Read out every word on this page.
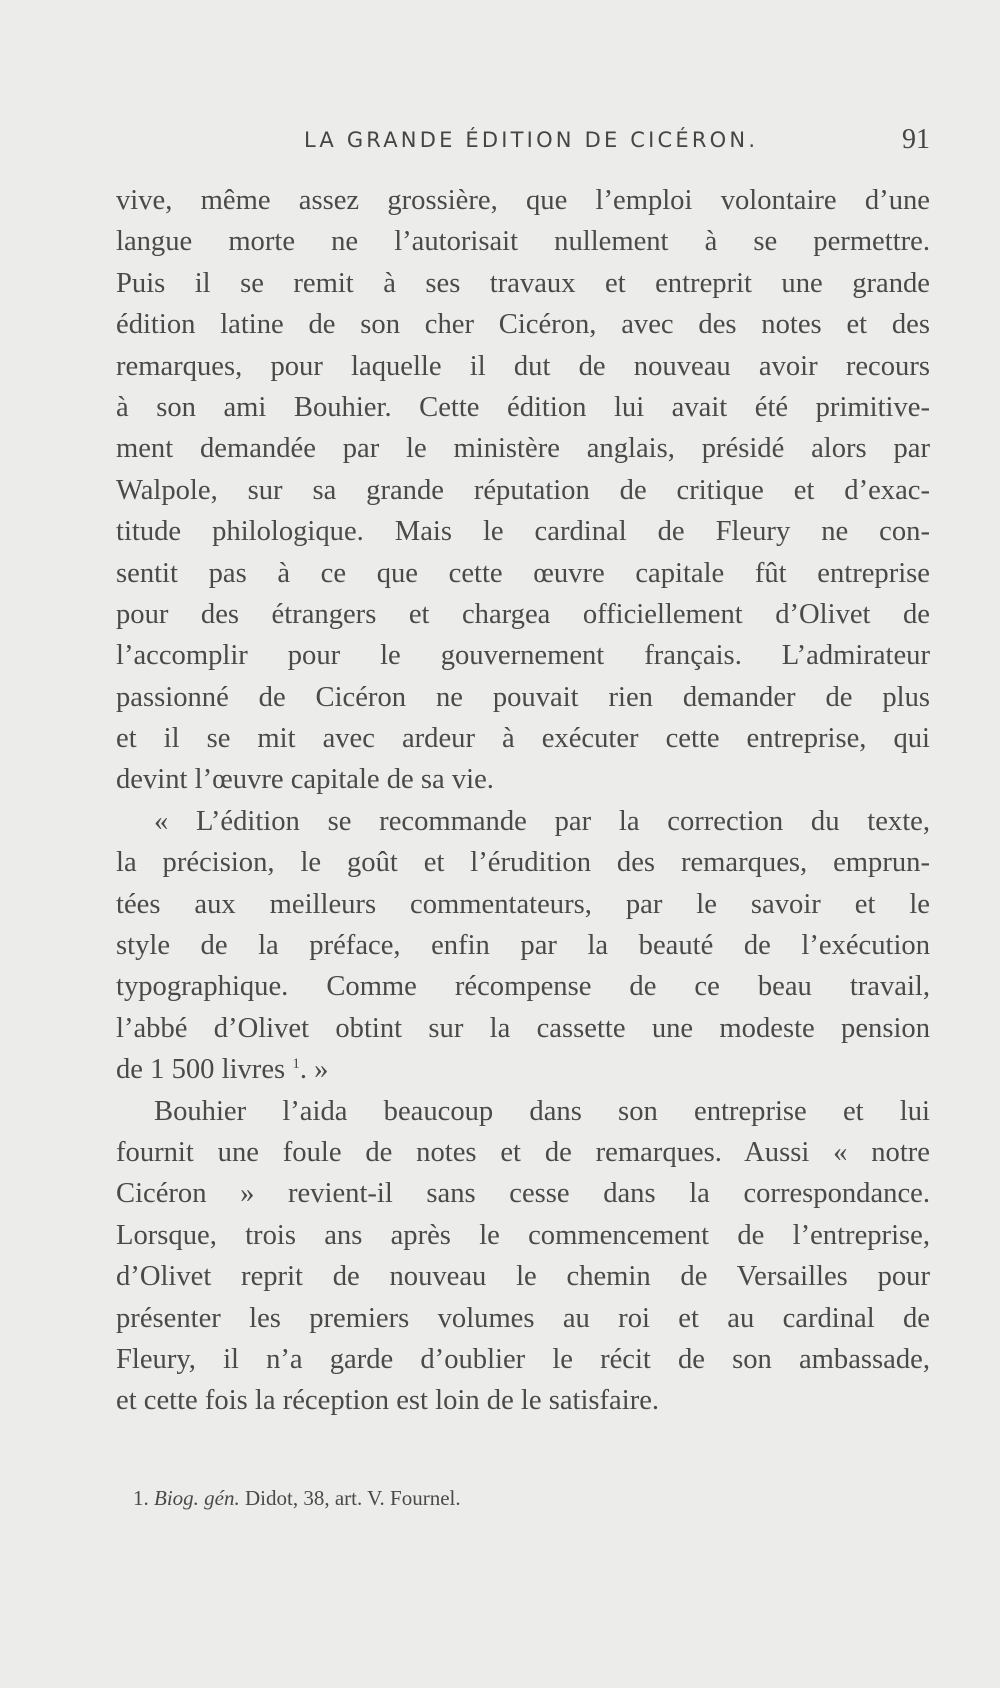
LA GRANDE ÉDITION DE CICÉRON.	91
vive, même assez grossière, que l’emploi volontaire d’une
langue morte ne l’autorisait nullement à se permettre.
Puis il se remit à ses travaux et entreprit une grande
édition latine de son cher Cicéron, avec des notes et des
remarques, pour laquelle il dut de nouveau avoir recours
à son ami Bouhier. Cette édition lui avait été primitive-
ment demandée par le ministère anglais, présidé alors par
Walpole, sur sa grande réputation de critique et d’exac-
titude philologique. Mais le cardinal de Fleury ne con-
sentit pas à ce que cette œuvre capitale fût entreprise
pour des étrangers et chargea officiellement d’Olivet de
l’accomplir pour le gouvernement français. L’admirateur
passionné de Cicéron ne pouvait rien demander de plus
et il se mit avec ardeur à exécuter cette entreprise, qui
devint l’œuvre capitale de sa vie.
« L’édition se recommande par la correction du texte,
la précision, le goût et l’érudition des remarques, emprun-
tées aux meilleurs commentateurs, par le savoir et le
style de la préface, enfin par la beauté de l’exécution
typographique. Comme récompense de ce beau travail,
l’abbé d’Olivet obtint sur la cassette une modeste pension
de 1 500 livres $^1$. »
Bouhier l’aida beaucoup dans son entreprise et lui
fournit une foule de notes et de remarques. Aussi « notre
Cicéron » revient-il sans cesse dans la correspondance.
Lorsque, trois ans après le commencement de l’entreprise,
d’Olivet reprit de nouveau le chemin de Versailles pour
présenter les premiers volumes au roi et au cardinal de
Fleury, il n’a garde d’oublier le récit de son ambassade,
et cette fois la réception est loin de le satisfaire.
1. Biog. gén. Didot, 38, art. V. Fournel.
